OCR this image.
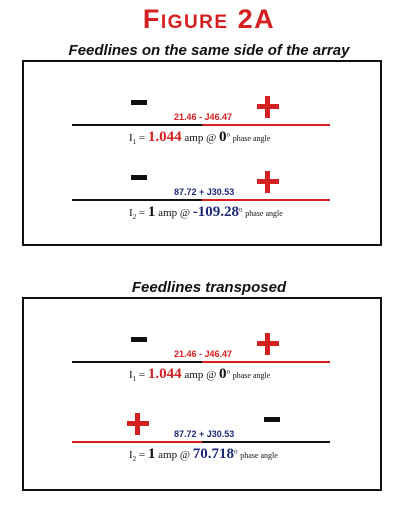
Figure 2A
Feedlines on the same side of the array
21.46 - J46.47
$I_1 = 1.044$ amp @ 0$^o$ phase angle
87.72 + J30.53
$I_2 = 1$ amp @ -109.28$^o$ phase angle
Feedlines transposed
21.46 - J46.47
$I_1 = 1.044$ amp @ 0$^o$ phase angle
87.72 + J30.53
$I_2 = 1$ amp @ 70.718$^o$ phase angle
